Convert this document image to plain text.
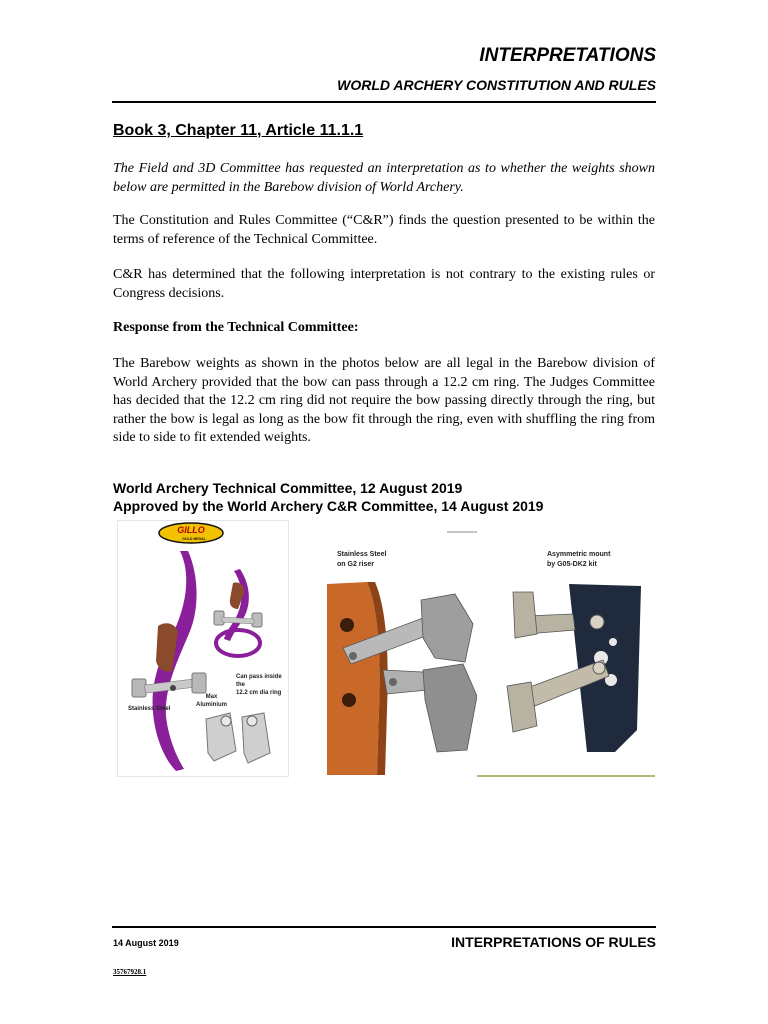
INTERPRETATIONS
WORLD ARCHERY CONSTITUTION AND RULES
Book 3, Chapter 11, Article 11.1.1

The Field and 3D Committee has requested an interpretation as to whether the weights shown below are permitted in the Barebow division of World Archery.

The Constitution and Rules Committee (“C&R”) finds the question presented to be within the terms of reference of the Technical Committee.

C&R has determined that the following interpretation is not contrary to the existing rules or Congress decisions.

Response from the Technical Committee:

The Barebow weights as shown in the photos below are all legal in the Barebow division of World Archery provided that the bow can pass through a 12.2 cm ring. The Judges Committee has decided that the 12.2 cm ring did not require the bow passing directly through the ring, but rather the bow is legal as long as the bow fit through the ring, even with shuffling the ring from side to side to fit extended weights.

World Archery Technical Committee, 12 August 2019
Approved by the World Archery C&R Committee, 14 August 2019
GILLO
GOLD MEDAL
Can pass inside the
12.2 cm dia ring
Stainless Steel
Max
Aluminium
Stainless Steel
on G2 riser
Asymmetric mount
by G05-DK2 kit
14 August 2019	INTERPRETATIONS OF RULES
35767928.1
